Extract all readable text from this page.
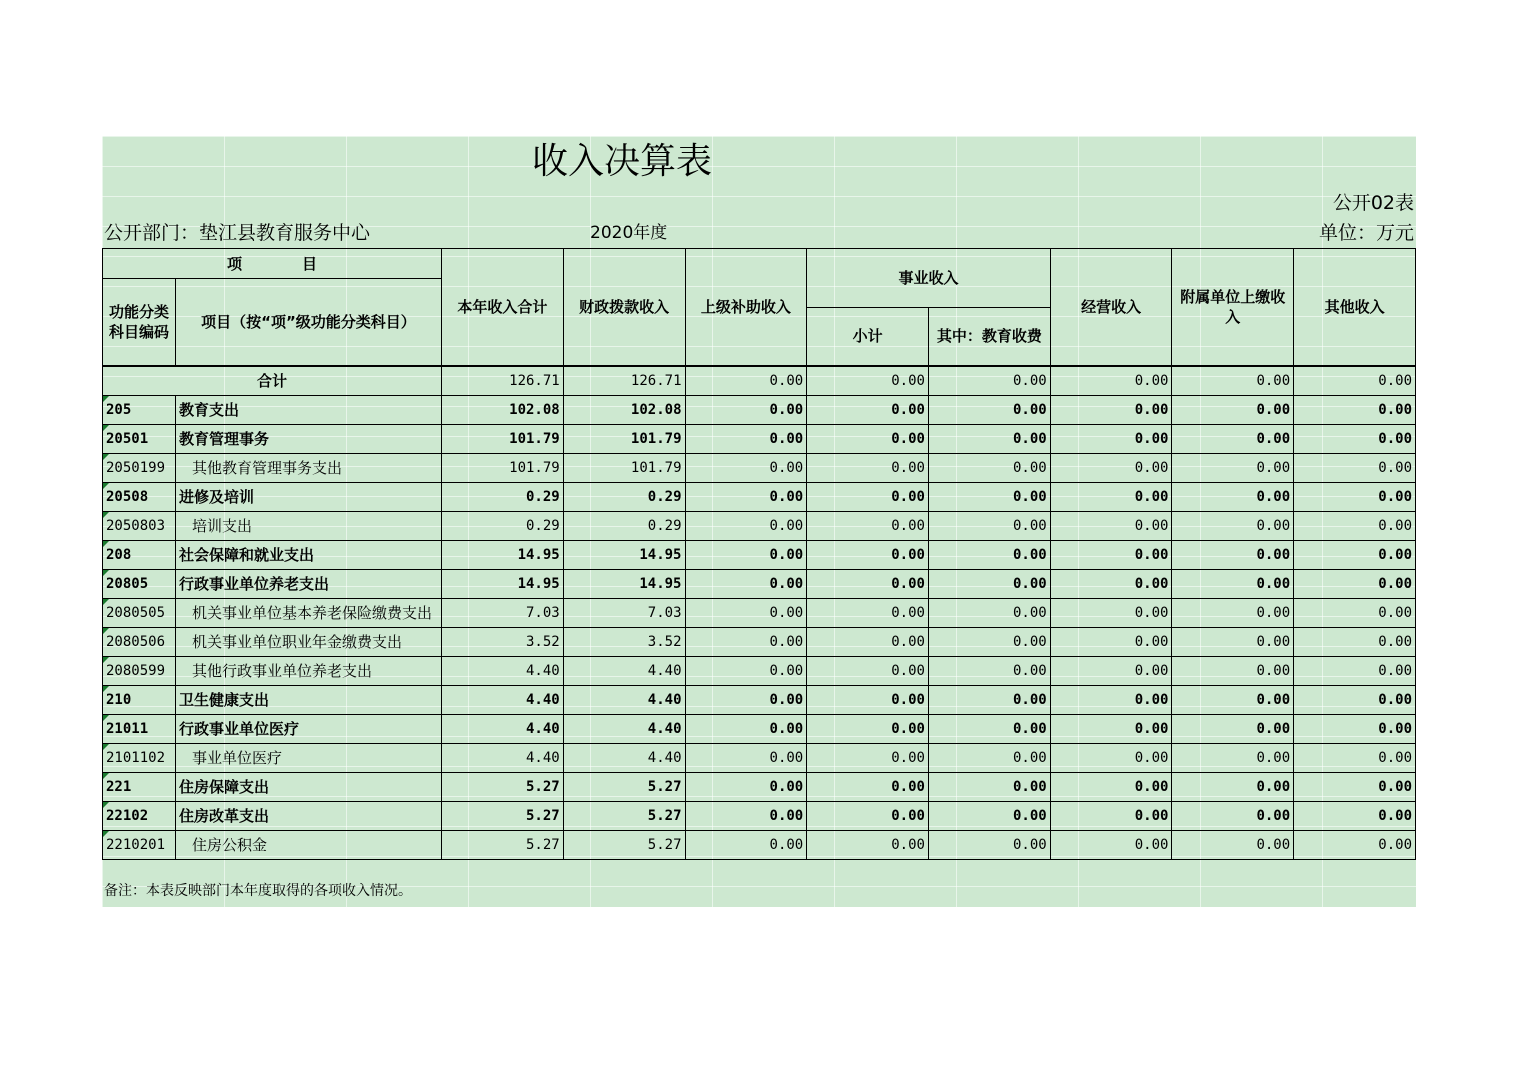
收入决算表
公开02表
公开部门：垫江县教育服务中心	2020年度	单位：万元
项　　　　目		本年收入合计	财政拨款收入	上级补助收入	事业收入		经营收入	附属单位上缴收入	其他收入
功能分类科目编码	项目（按“项”级功能分类科目）								
					小计	其中：教育收费			
合计		126.71	126.71	0.00	0.00	0.00	0.00	0.00	0.00
205	教育支出	102.08	102.08	0.00	0.00	0.00	0.00	0.00	0.00
20501	教育管理事务	101.79	101.79	0.00	0.00	0.00	0.00	0.00	0.00
2050199	其他教育管理事务支出	101.79	101.79	0.00	0.00	0.00	0.00	0.00	0.00
20508	进修及培训	0.29	0.29	0.00	0.00	0.00	0.00	0.00	0.00
2050803	培训支出	0.29	0.29	0.00	0.00	0.00	0.00	0.00	0.00
208	社会保障和就业支出	14.95	14.95	0.00	0.00	0.00	0.00	0.00	0.00
20805	行政事业单位养老支出	14.95	14.95	0.00	0.00	0.00	0.00	0.00	0.00
2080505	机关事业单位基本养老保险缴费支出	7.03	7.03	0.00	0.00	0.00	0.00	0.00	0.00
2080506	机关事业单位职业年金缴费支出	3.52	3.52	0.00	0.00	0.00	0.00	0.00	0.00
2080599	其他行政事业单位养老支出	4.40	4.40	0.00	0.00	0.00	0.00	0.00	0.00
210	卫生健康支出	4.40	4.40	0.00	0.00	0.00	0.00	0.00	0.00
21011	行政事业单位医疗	4.40	4.40	0.00	0.00	0.00	0.00	0.00	0.00
2101102	事业单位医疗	4.40	4.40	0.00	0.00	0.00	0.00	0.00	0.00
221	住房保障支出	5.27	5.27	0.00	0.00	0.00	0.00	0.00	0.00
22102	住房改革支出	5.27	5.27	0.00	0.00	0.00	0.00	0.00	0.00
2210201	住房公积金	5.27	5.27	0.00	0.00	0.00	0.00	0.00	0.00
备注：本表反映部门本年度取得的各项收入情况。
